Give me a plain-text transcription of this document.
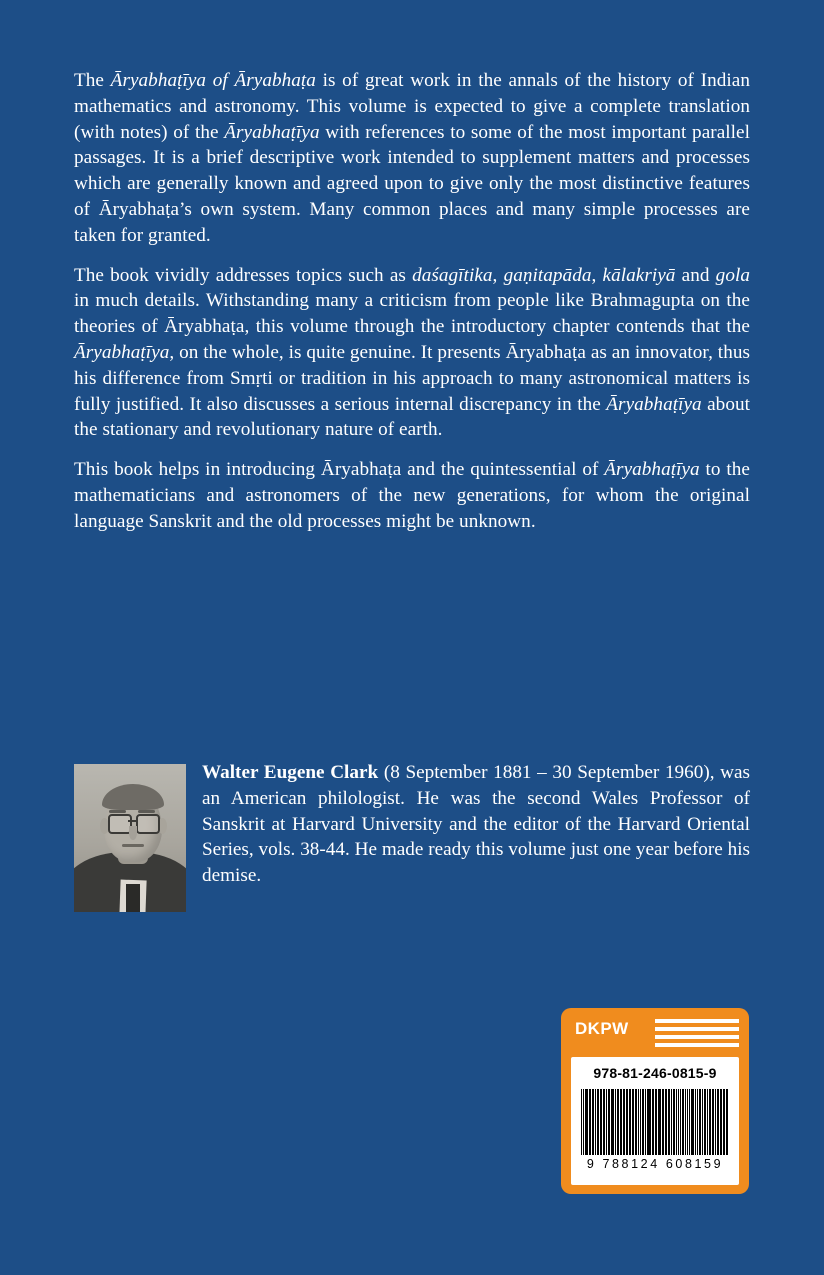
The Āryabhaṭīya of Āryabhaṭa is of great work in the annals of the history of Indian mathematics and astronomy. This volume is expected to give a complete translation (with notes) of the Āryabhaṭīya with references to some of the most important parallel passages. It is a brief descriptive work intended to supplement matters and processes which are generally known and agreed upon to give only the most distinctive features of Āryabhaṭa’s own system. Many common places and many simple processes are taken for granted.

The book vividly addresses topics such as daśagītika, gaṇitapāda, kālakriyā and gola in much details. Withstanding many a criticism from people like Brahmagupta on the theories of Āryabhaṭa, this volume through the introductory chapter contends that the Āryabhaṭīya, on the whole, is quite genuine. It presents Āryabhaṭa as an innovator, thus his difference from Smṛti or tradition in his approach to many astronomical matters is fully justified. It also discusses a serious internal discrepancy in the Āryabhaṭīya about the stationary and revolutionary nature of earth.

This book helps in introducing Āryabhaṭa and the quintessential of Āryabhaṭīya to the mathematicians and astronomers of the new generations, for whom the original language Sanskrit and the old processes might be unknown.

Walter Eugene Clark (8 September 1881 – 30 September 1960), was an American philologist. He was the second Wales Professor of Sanskrit at Harvard University and the editor of the Harvard Oriental Series, vols. 38-44. He made ready this volume just one year before his demise.

DKPW
978-81-246-0815-9
9 788124 608159
